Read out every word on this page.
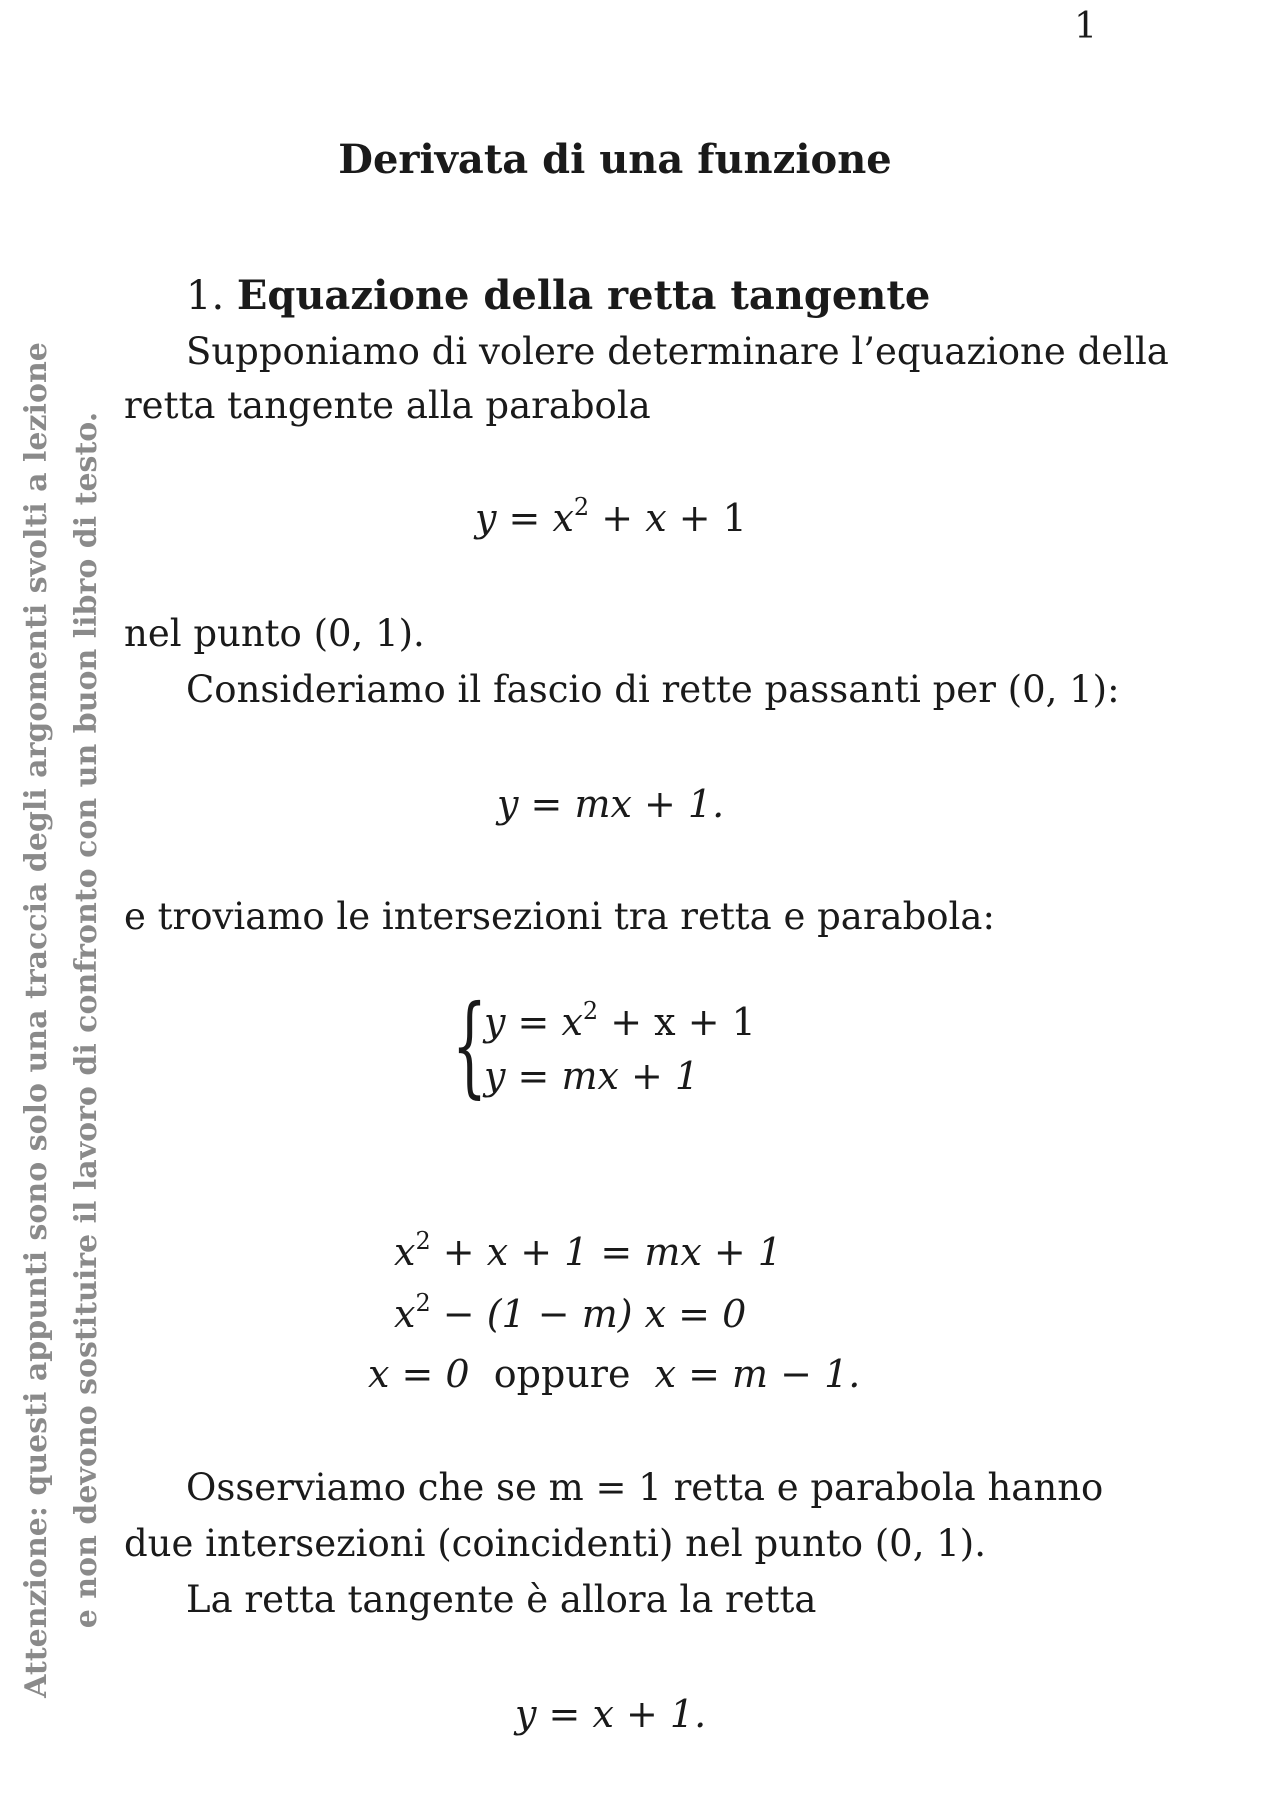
1
Attenzione: questi appunti sono solo una traccia degli argomenti svolti a lezione e non devono sostituire il lavoro di confronto con un buon libro di testo.
Derivata di una funzione
1. Equazione della retta tangente
Supponiamo di volere determinare l’equazione della
retta tangente alla parabola
$y = x^2 + x + 1$
nel punto (0, 1).
Consideriamo il fascio di rette passanti per (0, 1):
y = mx + 1.
e troviamo le intersezioni tra retta e parabola:
{
$y = x^2 + x + 1$
y = mx + 1
$x^2 + x + 1$ = mx + 1
$x^2 - (1 - m) x = 0$
x = 0 oppure x = m − 1.
Osserviamo che se m = 1 retta e parabola hanno
due intersezioni (coincidenti) nel punto (0, 1).
La retta tangente è allora la retta
y = x + 1.
